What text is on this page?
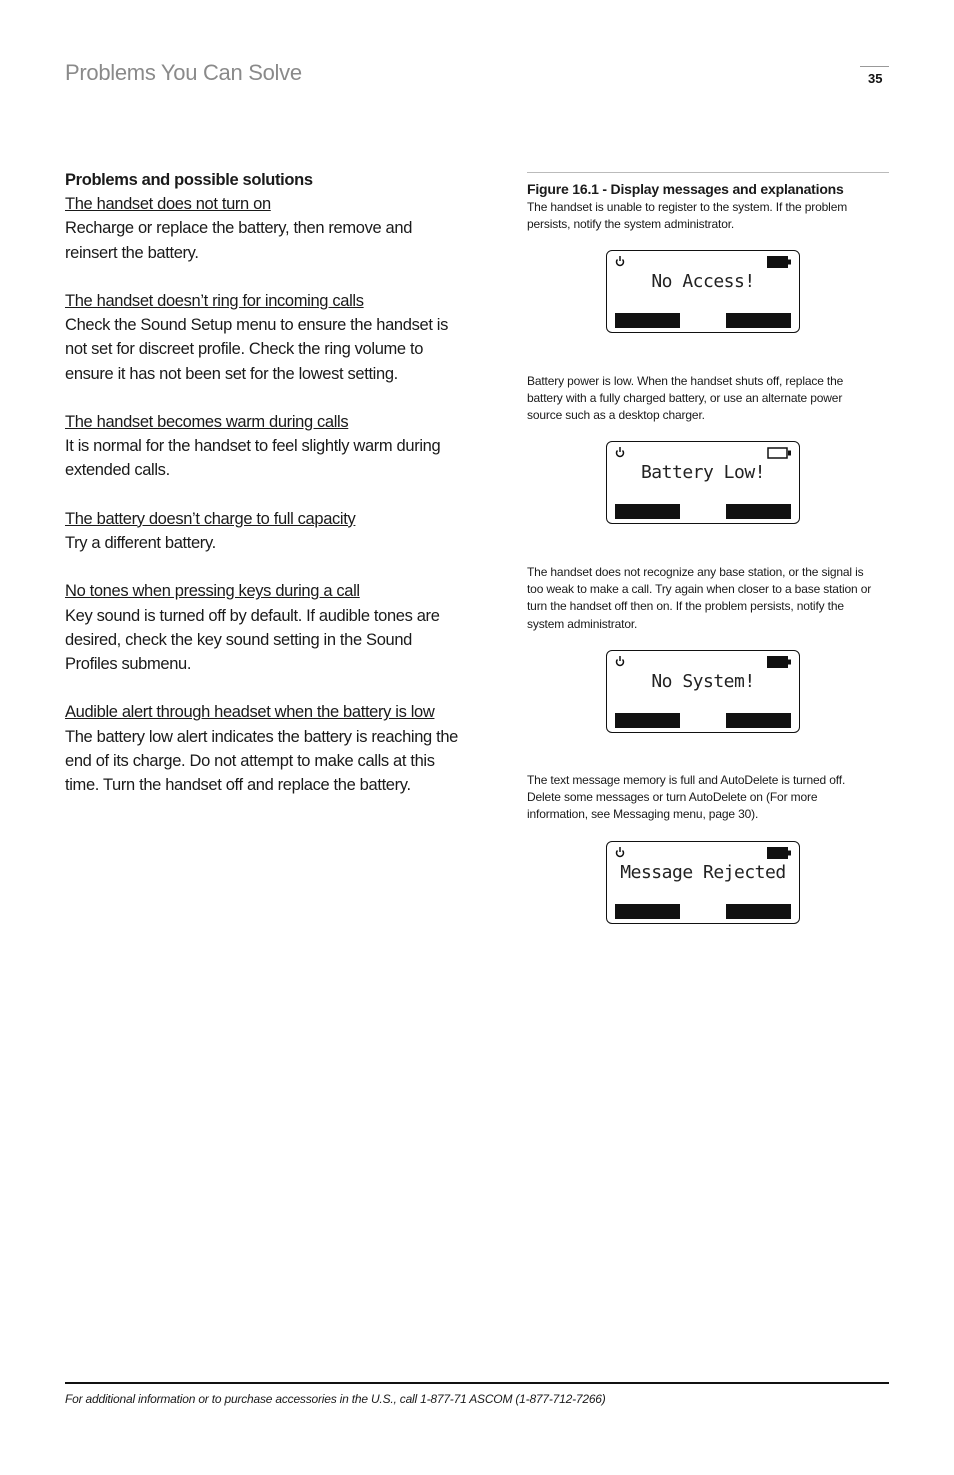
Problems You Can Solve	35

Problems and possible solutions

The handset does not turn on
Recharge or replace the battery, then remove and reinsert the battery.

The handset doesn’t ring for incoming calls
Check the Sound Setup menu to ensure the handset is not set for discreet profile. Check the ring volume to ensure it has not been set for the lowest setting.

The handset becomes warm during calls
It is normal for the handset to feel slightly warm during extended calls.

The battery doesn’t charge to full capacity
Try a different battery.

No tones when pressing keys during a call
Key sound is turned off by default. If audible tones are desired, check the key sound setting in the Sound Profiles submenu.

Audible alert through headset when the battery is low
The battery low alert indicates the battery is reaching the end of its charge. Do not attempt to make calls at this time. Turn the handset off and replace the battery.

Figure 16.1 - Display messages and explanations
The handset is unable to register to the system. If the problem persists, notify the system administrator.
No Access!
Battery power is low. When the handset shuts off, replace the battery with a fully charged battery, or use an alternate power source such as a desktop charger.
Battery Low!
The handset does not recognize any base station, or the signal is too weak to make a call. Try again when closer to a base station or turn the handset off then on. If the problem persists, notify the system administrator.
No System!
The text message memory is full and AutoDelete is turned off. Delete some messages or turn AutoDelete on (For more information, see Messaging menu, page 30).
Message Rejected
For additional information or to purchase accessories in the U.S., call 1-877-71 ASCOM (1-877-712-7266)
